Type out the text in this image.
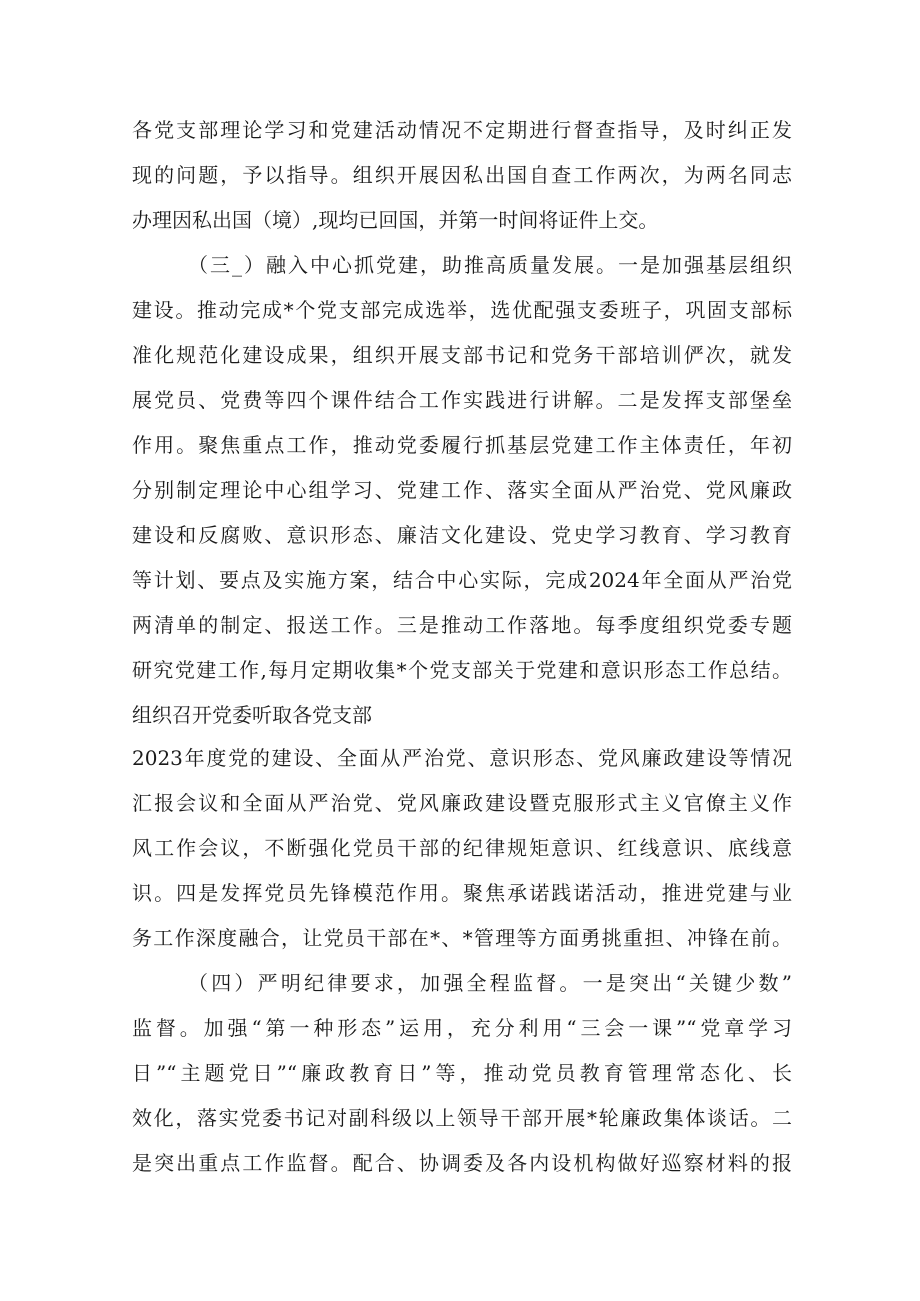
各党支部理论学习和党建活动情况不定期进行督查指导，及时纠正发
现的问题，予以指导。组织开展因私出国自查工作两次，为两名同志
办理因私出国（境）,现均已回国，并第一时间将证件上交。
（三_）融入中心抓党建，助推高质量发展。一是加强基层组织
建设。推动完成*个党支部完成选举，选优配强支委班子，巩固支部标
准化规范化建设成果，组织开展支部书记和党务干部培训俨次，就发
展党员、党费等四个课件结合工作实践进行讲解。二是发挥支部堡垒
作用。聚焦重点工作，推动党委履行抓基层党建工作主体责任，年初
分别制定理论中心组学习、党建工作、落实全面从严治党、党风廉政
建设和反腐败、意识形态、廉洁文化建设、党史学习教育、学习教育
等计划、要点及实施方案，结合中心实际，完成2024年全面从严治党
两清单的制定、报送工作。三是推动工作落地。每季度组织党委专题
研究党建工作,每月定期收集*个党支部关于党建和意识形态工作总结。
组织召开党委听取各党支部
2023年度党的建设、全面从严治党、意识形态、党风廉政建设等情况
汇报会议和全面从严治党、党风廉政建设暨克服形式主义官僚主义作
风工作会议，不断强化党员干部的纪律规矩意识、红线意识、底线意
识。四是发挥党员先锋模范作用。聚焦承诺践诺活动，推进党建与业
务工作深度融合，让党员干部在*、*管理等方面勇挑重担、冲锋在前。
（四）严明纪律要求，加强全程监督。一是突出“关键少数”
监督。加强“第一种形态”运用，充分利用“三会一课”“党章学习
日”“主题党日”“廉政教育日”等，推动党员教育管理常态化、长
效化，落实党委书记对副科级以上领导干部开展*轮廉政集体谈话。二
是突出重点工作监督。配合、协调委及各内设机构做好巡察材料的报
